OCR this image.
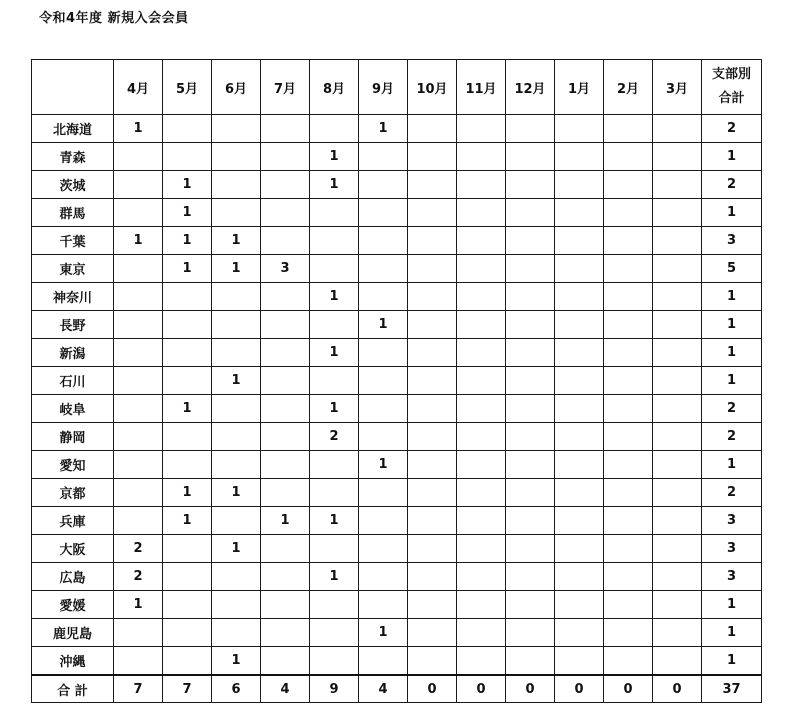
令和4年度 新規入会会員
	4月	5月	6月	7月	8月	9月	10月	11月	12月	1月	2月	3月	支部別
合計

北海道	1					1							2
青森					1								1
茨城		1			1								2
群馬		1											1
千葉	1	1	1										3
東京		1	1	3									5
神奈川					1								1
長野						1							1
新潟					1								1
石川			1										1
岐阜		1			1								2
静岡					2								2
愛知						1							1
京都		1	1										2
兵庫		1		1	1								3
大阪	2		1										3
広島	2				1								3
愛媛	1												1
鹿児島						1							1
沖縄			1										1
合 計	7	7	6	4	9	4	0	0	0	0	0	0	37
